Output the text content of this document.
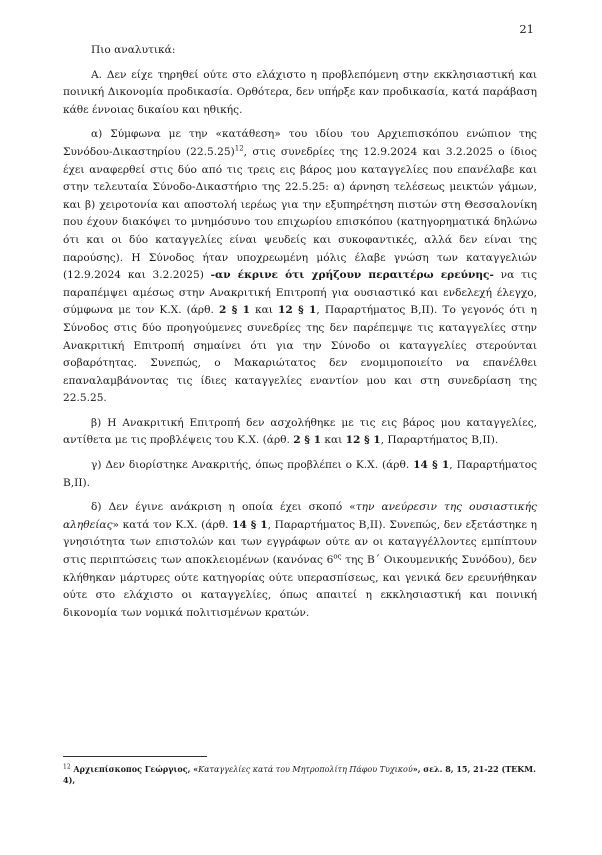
21

Πιο αναλυτικά:

Α. Δεν είχε τηρηθεί ούτε στο ελάχιστο η προβλεπόμενη στην εκκλησιαστική και ποινική Δικονομία προδικασία. Ορθότερα, δεν υπήρξε καν προδικασία, κατά παράβαση κάθε έννοιας δικαίου και ηθικής.

α) Σύμφωνα με την «κατάθεση» του ιδίου του Αρχιεπισκόπου ενώπιον της Συνόδου-Δικαστηρίου $(22.5.25)^{12}$, στις συνεδρίες της 12.9.2024 και 3.2.2025 ο ίδιος έχει αναφερθεί στις δύο από τις τρεις εις βάρος μου καταγγελίες που επανέλαβε και στην τελευταία Σύνοδο-Δικαστήριο της 22.5.25: α) άρνηση τελέσεως μεικτών γάμων, και β) χειροτονία και αποστολή ιερέως για την εξυπηρέτηση πιστών στη Θεσσαλονίκη που έχουν διακόψει το μνημόσυνο του επιχωρίου επισκόπου (κατηγορηματικά δηλώνω ότι και οι δύο καταγγελίες είναι ψευδείς και συκοφαντικές, αλλά δεν είναι της παρούσης). Η Σύνοδος ήταν υποχρεωμένη μόλις έλαβε γνώση των καταγγελιών (12.9.2024 και 3.2.2025) -αν έκρινε ότι χρήζουν περαιτέρω ερεύνης- να τις παραπέμψει αμέσως στην Ανακριτική Επιτροπή για ουσιαστικό και ενδελεχή έλεγχο, σύμφωνα με τον Κ.Χ. (άρθ. 2 § 1 και 12 § 1, Παραρτήματος Β,ΙΙ). Το γεγονός ότι η Σύνοδος στις δύο προηγούμενες συνεδρίες της δεν παρέπεμψε τις καταγγελίες στην Ανακριτική Επιτροπή σημαίνει ότι για την Σύνοδο οι καταγγελίες στερούνται σοβαρότητας. Συνεπώς, ο Μακαριώτατος δεν ενομιμοποιείτο να επανέλθει επαναλαμβάνοντας τις ίδιες καταγγελίες εναντίον μου και στη συνεδρίαση της 22.5.25.

β) Η Ανακριτική Επιτροπή δεν ασχολήθηκε με τις εις βάρος μου καταγγελίες, αντίθετα με τις προβλέψεις του Κ.Χ. (άρθ. 2 § 1 και 12 § 1, Παραρτήματος Β,ΙΙ).

γ) Δεν διορίστηκε Ανακριτής, όπως προβλέπει ο Κ.Χ. (άρθ. 14 § 1, Παραρτήματος Β,ΙΙ).

δ) Δεν έγινε ανάκριση η οποία έχει σκοπό «την ανεύρεσιν της ουσιαστικής αληθείας» κατά τον Κ.Χ. (άρθ. 14 § 1, Παραρτήματος Β,ΙΙ). Συνεπώς, δεν εξετάστηκε η γνησιότητα των επιστολών και των εγγράφων ούτε αν οι καταγγέλλοντες εμπίπτουν στις περιπτώσεις των αποκλειομένων (κανόνας $6^{o\varsigma}$ της Β΄ Οικουμενικής Συνόδου), δεν κλήθηκαν μάρτυρες ούτε κατηγορίας ούτε υπερασπίσεως, και γενικά δεν ερευνήθηκαν ούτε στο ελάχιστο οι καταγγελίες, όπως απαιτεί η εκκλησιαστική και ποινική δικονομία των νομικά πολιτισμένων κρατών.

$^{12}$ Αρχιεπίσκοπος Γεώργιος, «Καταγγελίες κατά του Μητροπολίτη Πάφου Τυχικού», σελ. 8, 15, 21-22 (ΤΕΚΜ. 4),
